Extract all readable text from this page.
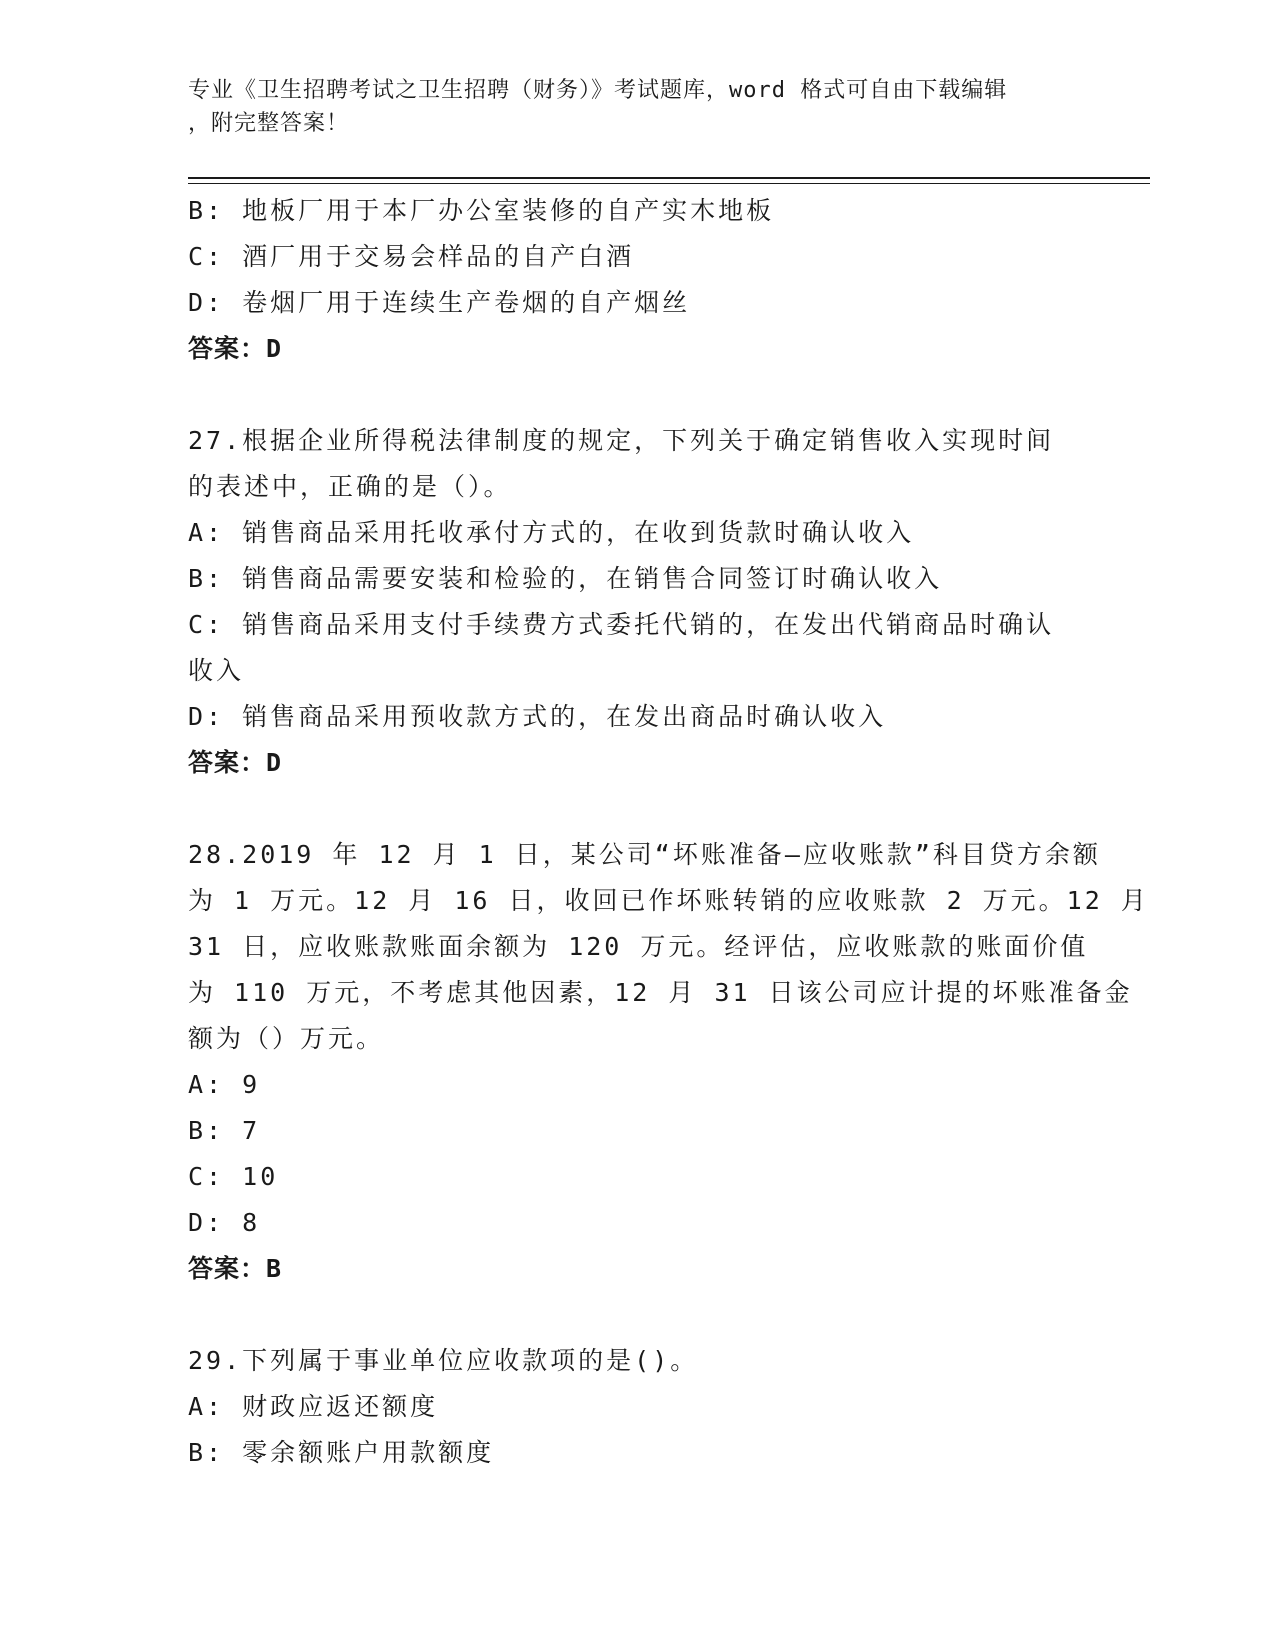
专业《卫生招聘考试之卫生招聘（财务）》考试题库，word 格式可自由下载编辑
，附完整答案！

B: 地板厂用于本厂办公室装修的自产实木地板

C: 酒厂用于交易会样品的自产白酒

D: 卷烟厂用于连续生产卷烟的自产烟丝

答案：D

27.根据企业所得税法律制度的规定，下列关于确定销售收入实现时间

的表述中，正确的是（）。

A: 销售商品采用托收承付方式的，在收到货款时确认收入

B: 销售商品需要安装和检验的，在销售合同签订时确认收入

C: 销售商品采用支付手续费方式委托代销的，在发出代销商品时确认

收入

D: 销售商品采用预收款方式的，在发出商品时确认收入

答案：D

28.2019 年 12 月 1 日，某公司“坏账准备—应收账款”科目贷方余额

为 1 万元。12 月 16 日，收回已作坏账转销的应收账款 2 万元。12 月

31 日，应收账款账面余额为 120 万元。经评估，应收账款的账面价值

为 110 万元，不考虑其他因素，12 月 31 日该公司应计提的坏账准备金

额为（）万元。

A: 9

B: 7

C: 10

D: 8

答案：B

29.下列属于事业单位应收款项的是()。

A: 财政应返还额度

B: 零余额账户用款额度
